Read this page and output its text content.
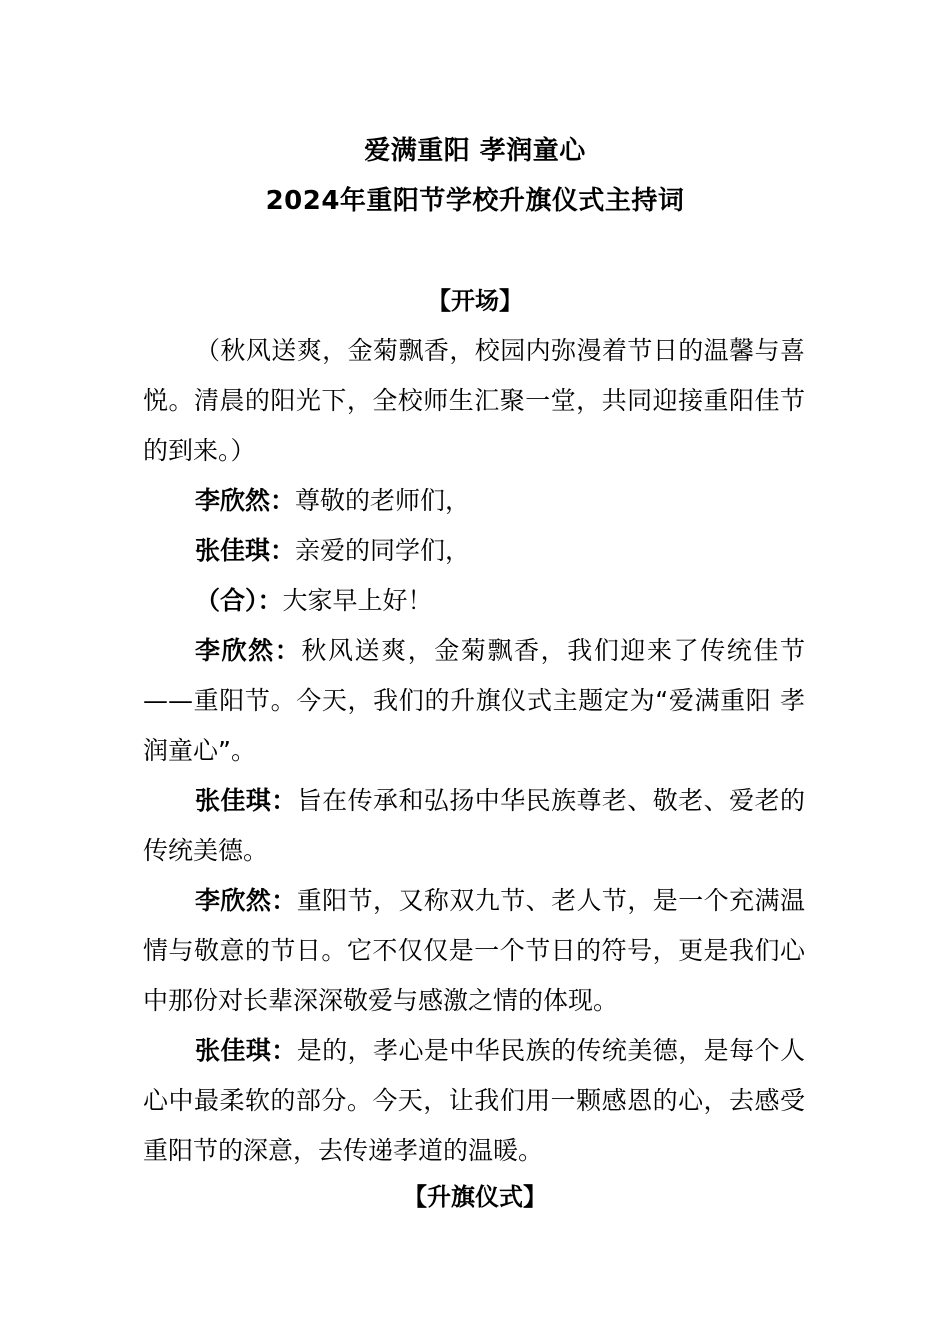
爱满重阳 孝润童心
2024年重阳节学校升旗仪式主持词
【开场】
（秋风送爽，金菊飘香，校园内弥漫着节日的温馨与喜悦。清晨的阳光下，全校师生汇聚一堂，共同迎接重阳佳节的到来。）
李欣然：尊敬的老师们，
张佳琪：亲爱的同学们，
（合）：大家早上好！
李欣然：秋风送爽，金菊飘香，我们迎来了传统佳节——重阳节。今天，我们的升旗仪式主题定为“爱满重阳 孝润童心”。
张佳琪：旨在传承和弘扬中华民族尊老、敬老、爱老的传统美德。
李欣然：重阳节，又称双九节、老人节，是一个充满温情与敬意的节日。它不仅仅是一个节日的符号，更是我们心中那份对长辈深深敬爱与感激之情的体现。
张佳琪：是的，孝心是中华民族的传统美德，是每个人心中最柔软的部分。今天，让我们用一颗感恩的心，去感受重阳节的深意，去传递孝道的温暖。
【升旗仪式】
